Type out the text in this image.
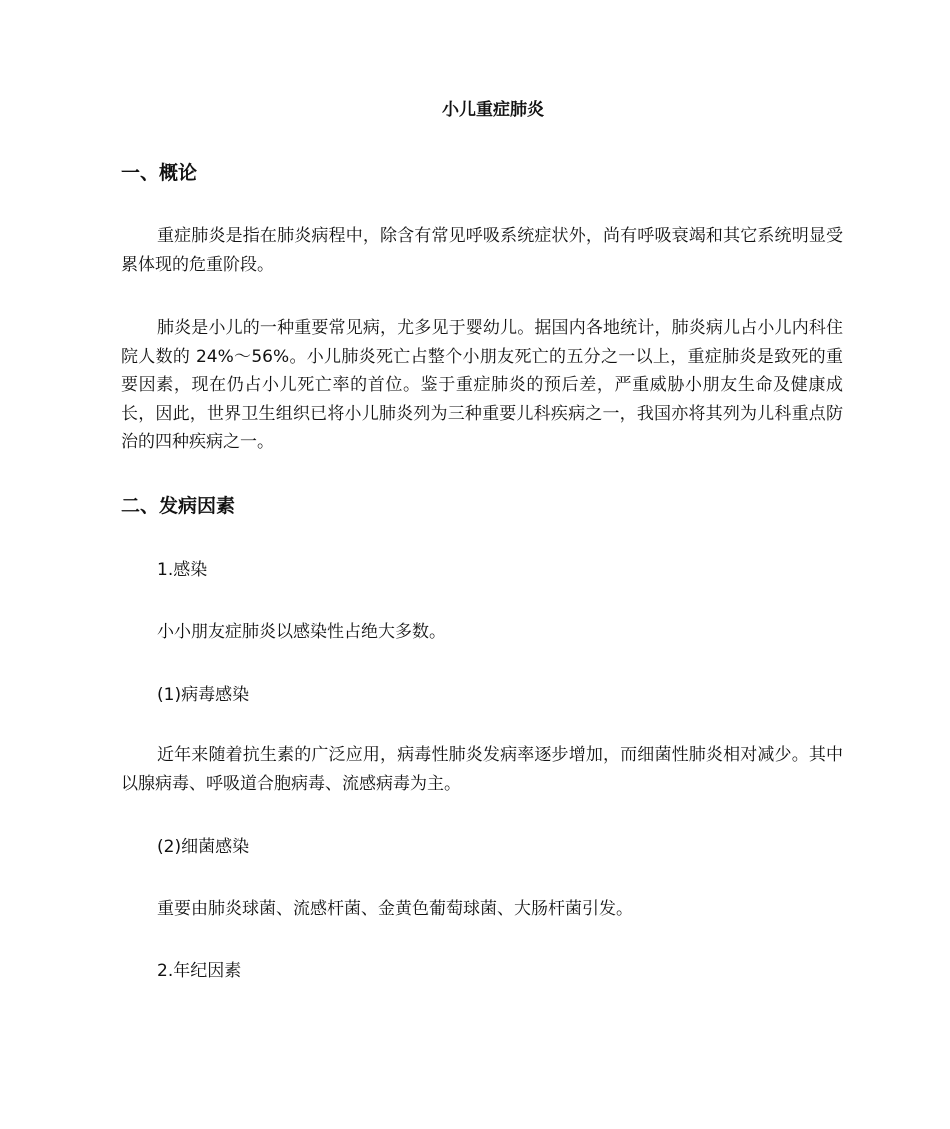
小儿重症肺炎
一、概论

重症肺炎是指在肺炎病程中，除含有常见呼吸系统症状外，尚有呼吸衰竭和其它系统明显受累体现的危重阶段。

肺炎是小儿的一种重要常见病，尤多见于婴幼儿。据国内各地统计，肺炎病儿占小儿内科住院人数的 24%～56%。小儿肺炎死亡占整个小朋友死亡的五分之一以上，重症肺炎是致死的重要因素，现在仍占小儿死亡率的首位。鉴于重症肺炎的预后差，严重威胁小朋友生命及健康成长，因此，世界卫生组织已将小儿肺炎列为三种重要儿科疾病之一，我国亦将其列为儿科重点防治的四种疾病之一。

二、发病因素
1.感染
小小朋友症肺炎以感染性占绝大多数。
(1)病毒感染

近年来随着抗生素的广泛应用，病毒性肺炎发病率逐步增加，而细菌性肺炎相对减少。其中以腺病毒、呼吸道合胞病毒、流感病毒为主。

(2)细菌感染
重要由肺炎球菌、流感杆菌、金黄色葡萄球菌、大肠杆菌引发。
2.年纪因素
